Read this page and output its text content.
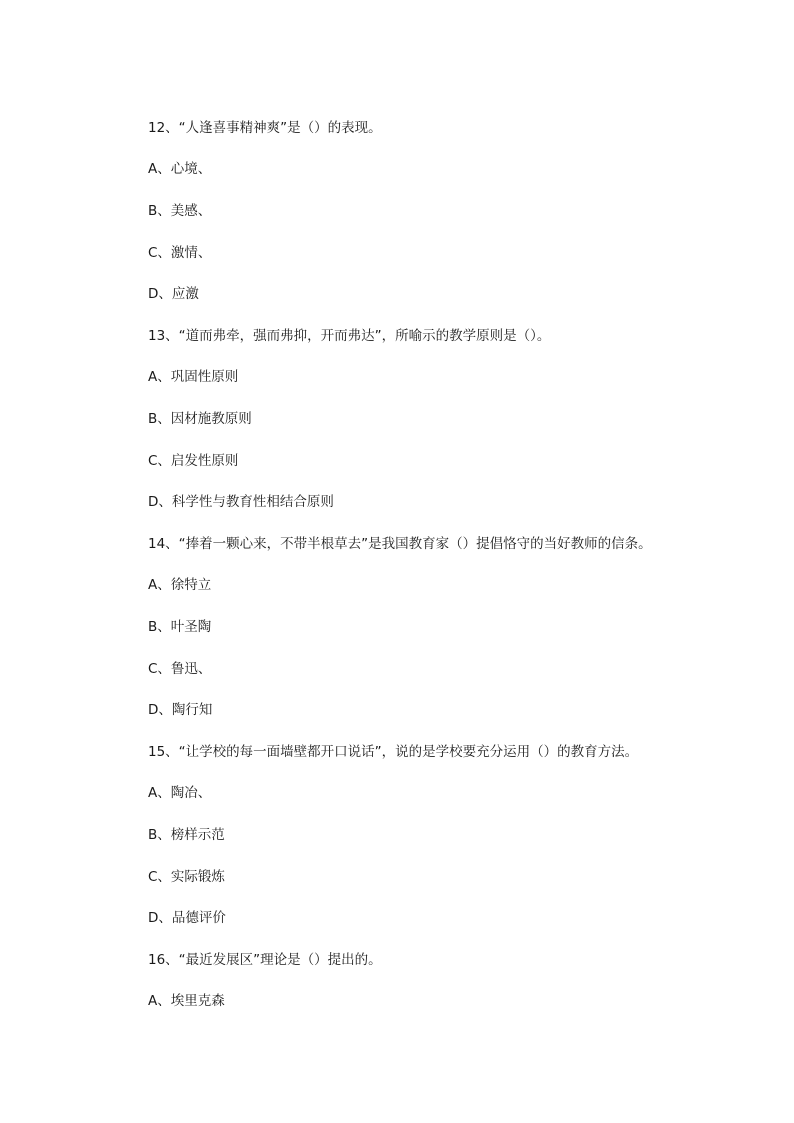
12、“人逢喜事精神爽”是（）的表现。
A、心境、
B、美感、
C、激情、
D、应激
13、“道而弗牵，强而弗抑，开而弗达”，所喻示的教学原则是（）。
A、巩固性原则
B、因材施教原则
C、启发性原则
D、科学性与教育性相结合原则
14、“捧着一颗心来，不带半根草去”是我国教育家（）提倡恪守的当好教师的信条。
A、徐特立
B、叶圣陶
C、鲁迅、
D、陶行知
15、“让学校的每一面墙壁都开口说话”，说的是学校要充分运用（）的教育方法。
A、陶冶、
B、榜样示范
C、实际锻炼
D、品德评价
16、“最近发展区”理论是（）提出的。
A、埃里克森
